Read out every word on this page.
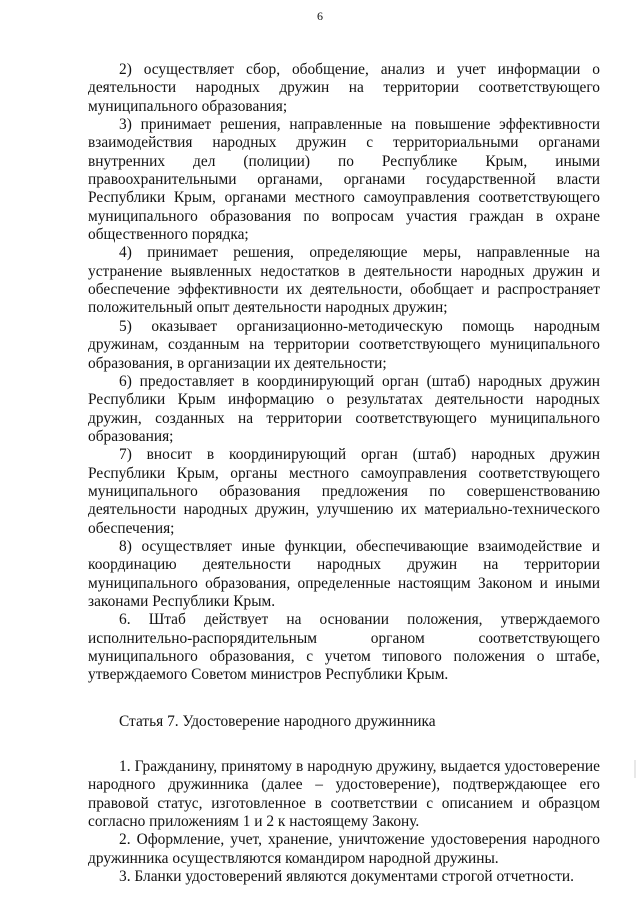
6

2) осуществляет сбор, обобщение, анализ и учет информации о деятельности народных дружин на территории соответствующего муниципального образования;

3) принимает решения, направленные на повышение эффективности взаимодействия народных дружин с территориальными органами внутренних дел (полиции) по Республике Крым, иными правоохранительными органами, органами государственной власти Республики Крым, органами местного самоуправления соответствующего муниципального образования по вопросам участия граждан в охране общественного порядка;

4) принимает решения, определяющие меры, направленные на устранение выявленных недостатков в деятельности народных дружин и обеспечение эффективности их деятельности, обобщает и распространяет положительный опыт деятельности народных дружин;

5) оказывает организационно-методическую помощь народным дружинам, созданным на территории соответствующего муниципального образования, в организации их деятельности;

6) предоставляет в координирующий орган (штаб) народных дружин Республики Крым информацию о результатах деятельности народных дружин, созданных на территории соответствующего муниципального образования;

7) вносит в координирующий орган (штаб) народных дружин Республики Крым, органы местного самоуправления соответствующего муниципального образования предложения по совершенствованию деятельности народных дружин, улучшению их материально-технического обеспечения;

8) осуществляет иные функции, обеспечивающие взаимодействие и координацию деятельности народных дружин на территории муниципального образования, определенные настоящим Законом и иными законами Республики Крым.

6. Штаб действует на основании положения, утверждаемого исполнительно-распорядительным органом соответствующего муниципального образования, с учетом типового положения о штабе, утверждаемого Советом министров Республики Крым.

Статья 7. Удостоверение народного дружинника

1. Гражданину, принятому в народную дружину, выдается удостоверение народного дружинника (далее – удостоверение), подтверждающее его правовой статус, изготовленное в соответствии с описанием и образцом согласно приложениям 1 и 2 к настоящему Закону.

2. Оформление, учет, хранение, уничтожение удостоверения народного дружинника осуществляются командиром народной дружины.

3. Бланки удостоверений являются документами строгой отчетности.
